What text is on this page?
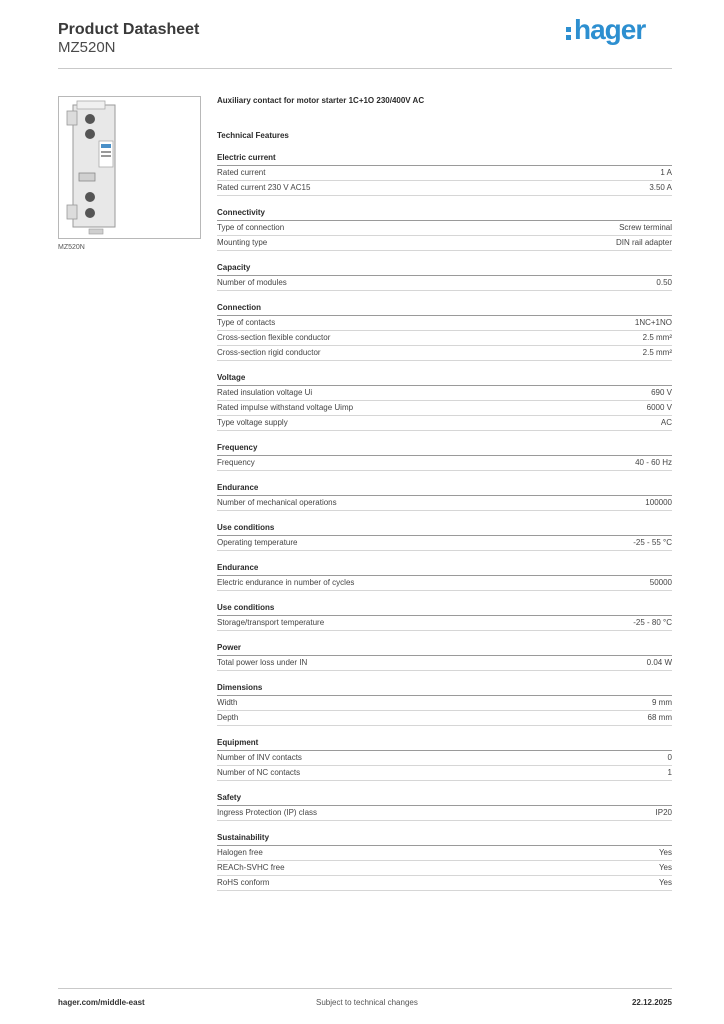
Product Datasheet
MZ520N
hager
MZ520N
Auxiliary contact for motor starter 1C+1O 230/400V AC
Technical Features
Electric current
Rated current	1 A
Rated current 230 V AC15	3.50 A
Connectivity
Type of connection	Screw terminal
Mounting type	DIN rail adapter
Capacity
Number of modules	0.50
Connection
Type of contacts	1NC+1NO
Cross-section flexible conductor	2.5 mm²
Cross-section rigid conductor	2.5 mm²
Voltage
Rated insulation voltage Ui	690 V
Rated impulse withstand voltage Uimp	6000 V
Type voltage supply	AC
Frequency
Frequency	40 - 60 Hz
Endurance
Number of mechanical operations	100000
Use conditions
Operating temperature	-25 - 55 °C
Endurance
Electric endurance in number of cycles	50000
Use conditions
Storage/transport temperature	-25 - 80 °C
Power
Total power loss under IN	0.04 W
Dimensions
Width	9 mm
Depth	68 mm
Equipment
Number of INV contacts	0
Number of NC contacts	1
Safety
Ingress Protection (IP) class	IP20
Sustainability
Halogen free	Yes
REACh-SVHC free	Yes
RoHS conform	Yes
hager.com/middle-east	Subject to technical changes	22.12.2025
